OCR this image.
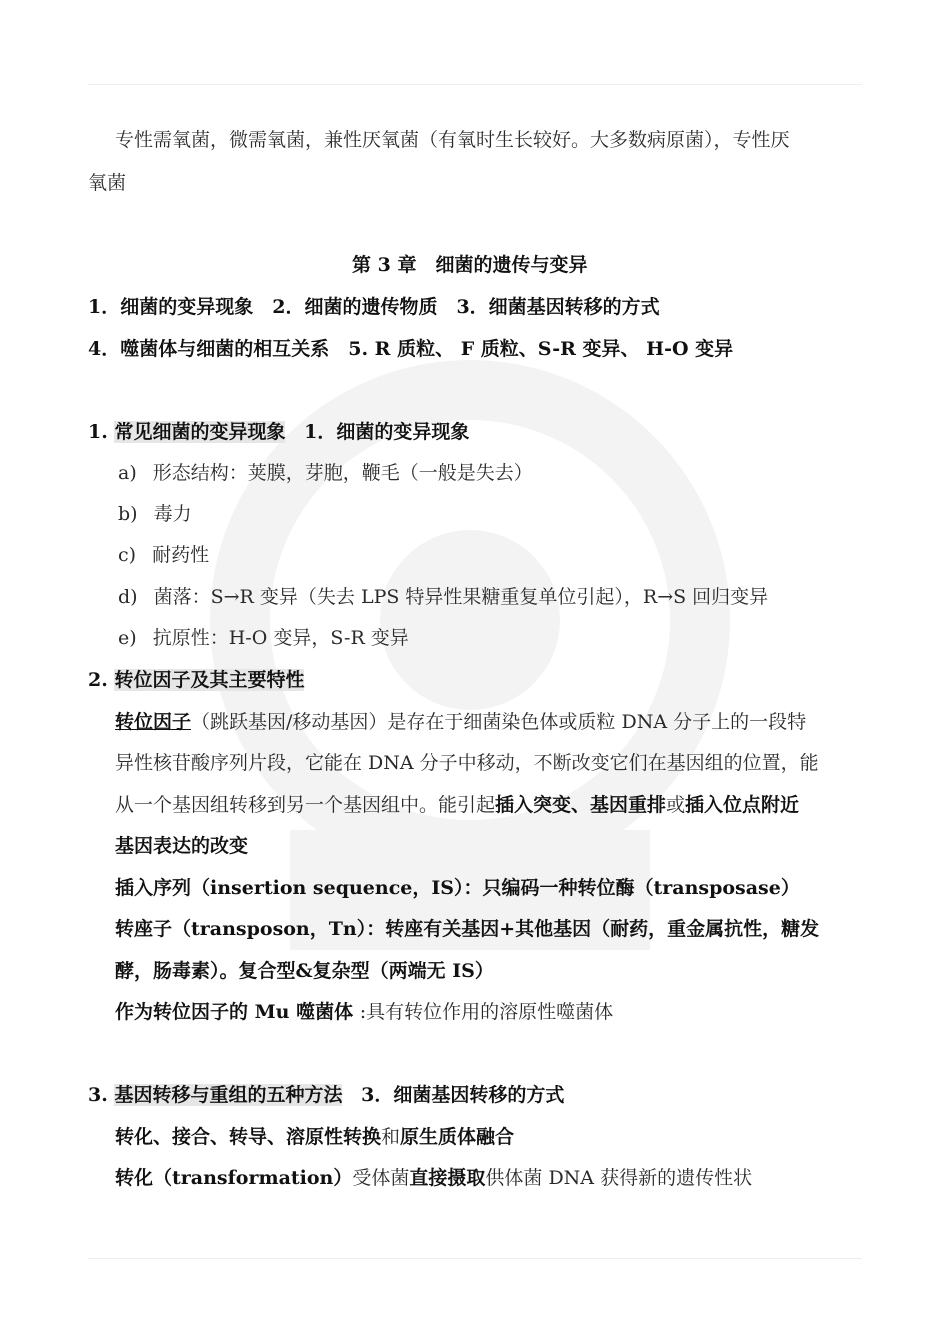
专性需氧菌，微需氧菌，兼性厌氧菌（有氧时生长较好。大多数病原菌），专性厌
氧菌
第 3 章　细菌的遗传与变异
1．细菌的变异现象　2．细菌的遗传物质　3．细菌基因转移的方式
4．噬菌体与细菌的相互关系　5. R 质粒、 F 质粒、S-R 变异、 H-O 变异
1. 常见细菌的变异现象 1．细菌的变异现象
a) 形态结构：荚膜，芽胞，鞭毛（一般是失去）
b) 毒力
c) 耐药性
d) 菌落：S→R 变异（失去 LPS 特异性果糖重复单位引起），R→S 回归变异
e) 抗原性：H-O 变异，S-R 变异
2. 转位因子及其主要特性
转位因子（跳跃基因/移动基因）是存在于细菌染色体或质粒 DNA 分子上的一段特
异性核苷酸序列片段，它能在 DNA 分子中移动，不断改变它们在基因组的位置，能
从一个基因组转移到另一个基因组中。能引起插入突变、基因重排或插入位点附近
基因表达的改变
插入序列（insertion sequence，IS）：只编码一种转位酶（transposase）
转座子（transposon，Tn）：转座有关基因+其他基因（耐药，重金属抗性，糖发
酵，肠毒素）。复合型&复杂型（两端无 IS）
作为转位因子的 Mu 噬菌体 :具有转位作用的溶原性噬菌体
3. 基因转移与重组的五种方法 3．细菌基因转移的方式
转化、接合、转导、溶原性转换和原生质体融合
转化（transformation）受体菌直接摄取供体菌 DNA 获得新的遗传性状
